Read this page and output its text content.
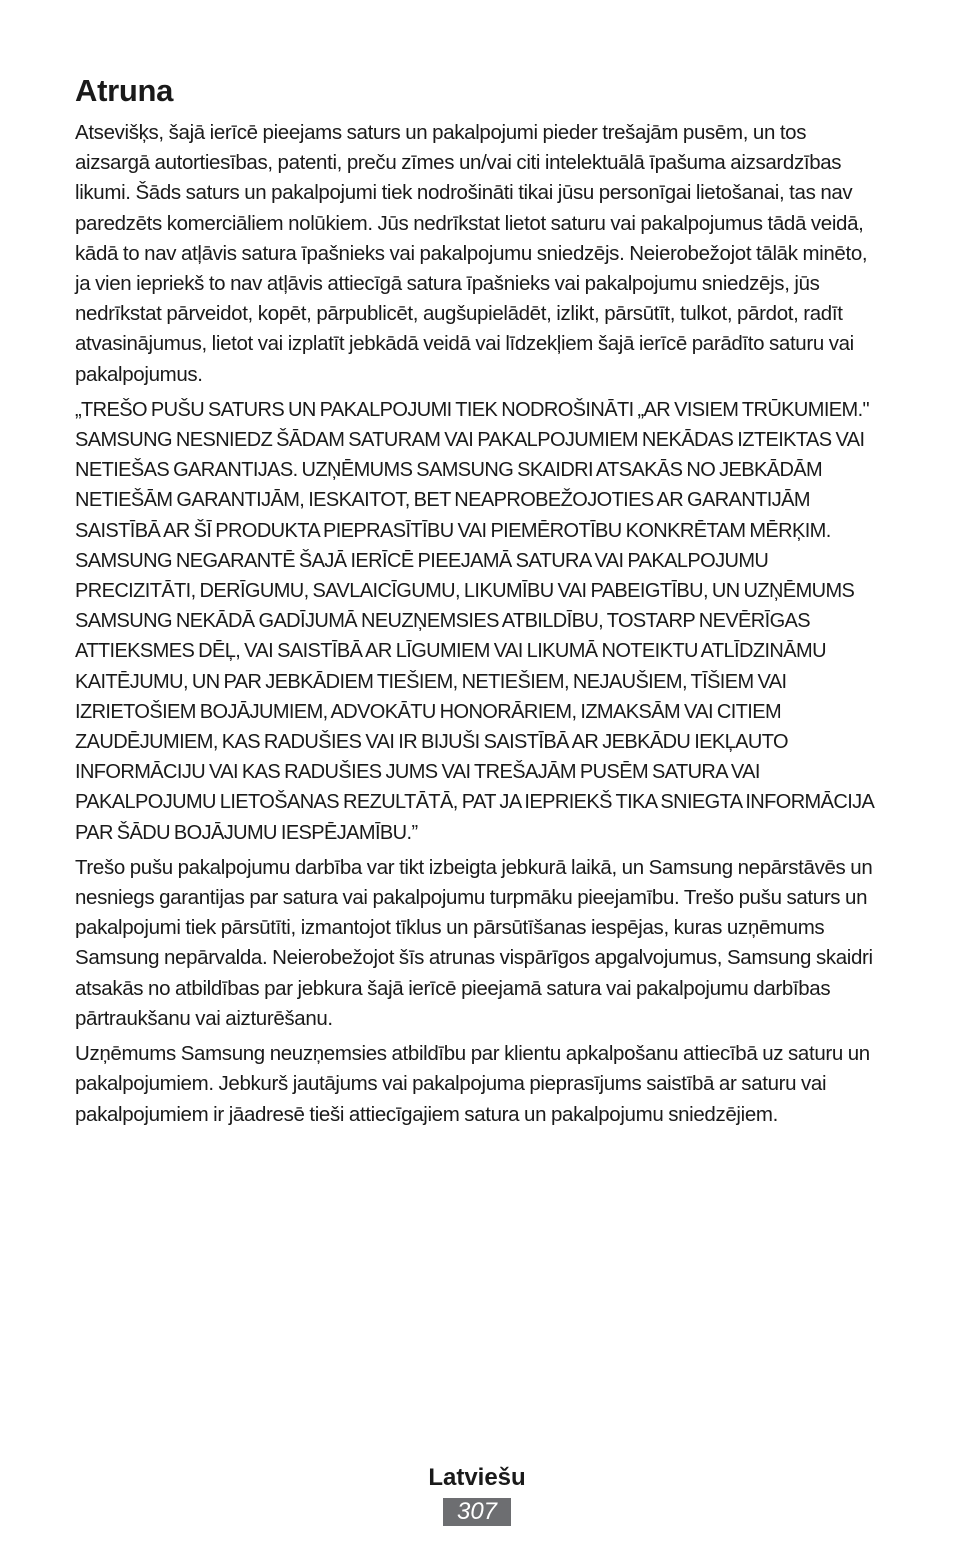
Atruna

Atsevišķs, šajā ierīcē pieejams saturs un pakalpojumi pieder trešajām pusēm, un tos aizsargā autortiesības, patenti, preču zīmes un/vai citi intelektuālā īpašuma aizsardzības likumi. Šāds saturs un pakalpojumi tiek nodrošināti tikai jūsu personīgai lietošanai, tas nav paredzēts komerciāliem nolūkiem. Jūs nedrīkstat lietot saturu vai pakalpojumus tādā veidā, kādā to nav atļāvis satura īpašnieks vai pakalpojumu sniedzējs. Neierobežojot tālāk minēto, ja vien iepriekš to nav atļāvis attiecīgā satura īpašnieks vai pakalpojumu sniedzējs, jūs nedrīkstat pārveidot, kopēt, pārpublicēt, augšupielādēt, izlikt, pārsūtīt, tulkot, pārdot, radīt atvasinājumus, lietot vai izplatīt jebkādā veidā vai līdzekļiem šajā ierīcē parādīto saturu vai pakalpojumus.

„TREŠO PUŠU SATURS UN PAKALPOJUMI TIEK NODROŠINĀTI „AR VISIEM TRŪKUMIEM." SAMSUNG NESNIEDZ ŠĀDAM SATURAM VAI PAKALPOJUMIEM NEKĀDAS IZTEIKTAS VAI NETIEŠAS GARANTIJAS. UZŅĒMUMS SAMSUNG SKAIDRI ATSAKĀS NO JEBKĀDĀM NETIEŠĀM GARANTIJĀM, IESKAITOT, BET NEAPROBEŽOJOTIES AR GARANTIJĀM SAISTĪBĀ AR ŠĪ PRODUKTA PIEPRASĪTĪBU VAI PIEMĒROTĪBU KONKRĒTAM MĒRĶIM. SAMSUNG NEGARANTĒ ŠAJĀ IERĪCĒ PIEEJAMĀ SATURA VAI PAKALPOJUMU PRECIZITĀTI, DERĪGUMU, SAVLAICĪGUMU, LIKUMĪBU VAI PABEIGTĪBU, UN UZŅĒMUMS SAMSUNG NEKĀDĀ GADĪJUMĀ NEUZŅEMSIES ATBILDĪBU, TOSTARP NEVĒRĪGAS ATTIEKSMES DĒĻ, VAI SAISTĪBĀ AR LĪGUMIEM VAI LIKUMĀ NOTEIKTU ATLĪDZINĀMU KAITĒJUMU, UN PAR JEBKĀDIEM TIEŠIEM, NETIEŠIEM, NEJAUŠIEM, TĪŠIEM VAI IZRIETOŠIEM BOJĀJUMIEM, ADVOKĀTU HONORĀRIEM, IZMAKSĀM VAI CITIEM ZAUDĒJUMIEM, KAS RADUŠIES VAI IR BIJUŠI SAISTĪBĀ AR JEBKĀDU IEKĻAUTO INFORMĀCIJU VAI KAS RADUŠIES JUMS VAI TREŠAJĀM PUSĒM SATURA VAI PAKALPOJUMU LIETOŠANAS REZULTĀTĀ, PAT JA IEPRIEKŠ TIKA SNIEGTA INFORMĀCIJA PAR ŠĀDU BOJĀJUMU IESPĒJAMĪBU.”

Trešo pušu pakalpojumu darbība var tikt izbeigta jebkurā laikā, un Samsung nepārstāvēs un nesniegs garantijas par satura vai pakalpojumu turpmāku pieejamību. Trešo pušu saturs un pakalpojumi tiek pārsūtīti, izmantojot tīklus un pārsūtīšanas iespējas, kuras uzņēmums Samsung nepārvalda. Neierobežojot šīs atrunas vispārīgos apgalvojumus, Samsung skaidri atsakās no atbildības par jebkura šajā ierīcē pieejamā satura vai pakalpojumu darbības pārtraukšanu vai aizturēšanu.

Uzņēmums Samsung neuzņemsies atbildību par klientu apkalpošanu attiecībā uz saturu un pakalpojumiem. Jebkurš jautājums vai pakalpojuma pieprasījums saistībā ar saturu vai pakalpojumiem ir jāadresē tieši attiecīgajiem satura un pakalpojumu sniedzējiem.

Latviešu
307
